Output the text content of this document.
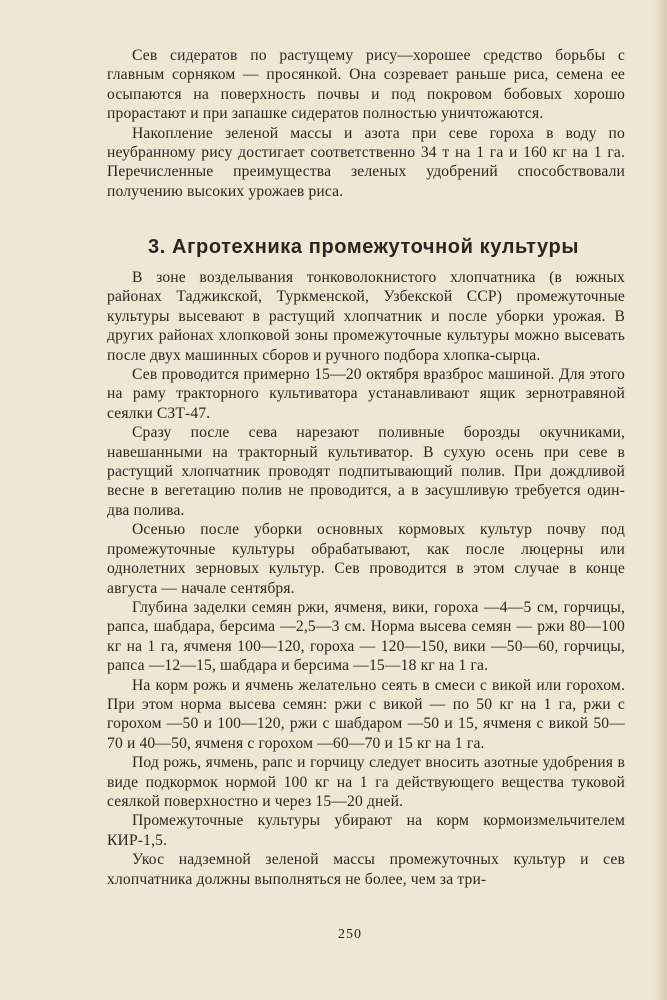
Сев сидератов по растущему рису—хорошее средство борьбы с главным сорняком — просянкой. Она созревает раньше риса, семена ее осыпаются на поверхность почвы и под покровом бобовых хорошо прорастают и при запашке сидератов полностью уничтожаются.

Накопление зеленой массы и азота при севе гороха в воду по неубранному рису достигает соответственно 34 т на 1 га и 160 кг на 1 га. Перечисленные преимущества зеленых удобрений способствовали получению высоких урожаев риса.

3. Агротехника промежуточной культуры

В зоне возделывания тонковолокнистого хлопчатника (в южных районах Таджикской, Туркменской, Узбекской ССР) промежуточные культуры высевают в растущий хлопчатник и после уборки урожая. В других районах хлопковой зоны промежуточные культуры можно высевать после двух машинных сборов и ручного подбора хлопка-сырца.

Сев проводится примерно 15—20 октября вразброс машиной. Для этого на раму тракторного культиватора устанавливают ящик зернотравяной сеялки СЗТ-47.

Сразу после сева нарезают поливные борозды окучниками, навешанными на тракторный культиватор. В сухую осень при севе в растущий хлопчатник проводят подпитывающий полив. При дождливой весне в вегетацию полив не проводится, а в засушливую требуется один-два полива.

Осенью после уборки основных кормовых культур почву под промежуточные культуры обрабатывают, как после люцерны или однолетних зерновых культур. Сев проводится в этом случае в конце августа — начале сентября.

Глубина заделки семян ржи, ячменя, вики, гороха —4—5 см, горчицы, рапса, шабдара, берсима —2,5—3 см. Норма высева семян — ржи 80—100 кг на 1 га, ячменя 100—120, гороха — 120—150, вики —50—60, горчицы, рапса —12—15, шабдара и берсима —15—18 кг на 1 га.

На корм рожь и ячмень желательно сеять в смеси с викой или горохом. При этом норма высева семян: ржи с викой — по 50 кг на 1 га, ржи с горохом —50 и 100—120, ржи с шабдаром —50 и 15, ячменя с викой 50—70 и 40—50, ячменя с горохом —60—70 и 15 кг на 1 га.

Под рожь, ячмень, рапс и горчицу следует вносить азотные удобрения в виде подкормок нормой 100 кг на 1 га действующего вещества туковой сеялкой поверхностно и через 15—20 дней.

Промежуточные культуры убирают на корм кормоизмельчителем КИР-1,5.

Укос надземной зеленой массы промежуточных культур и сев хлопчатника должны выполняться не более, чем за три-

250
